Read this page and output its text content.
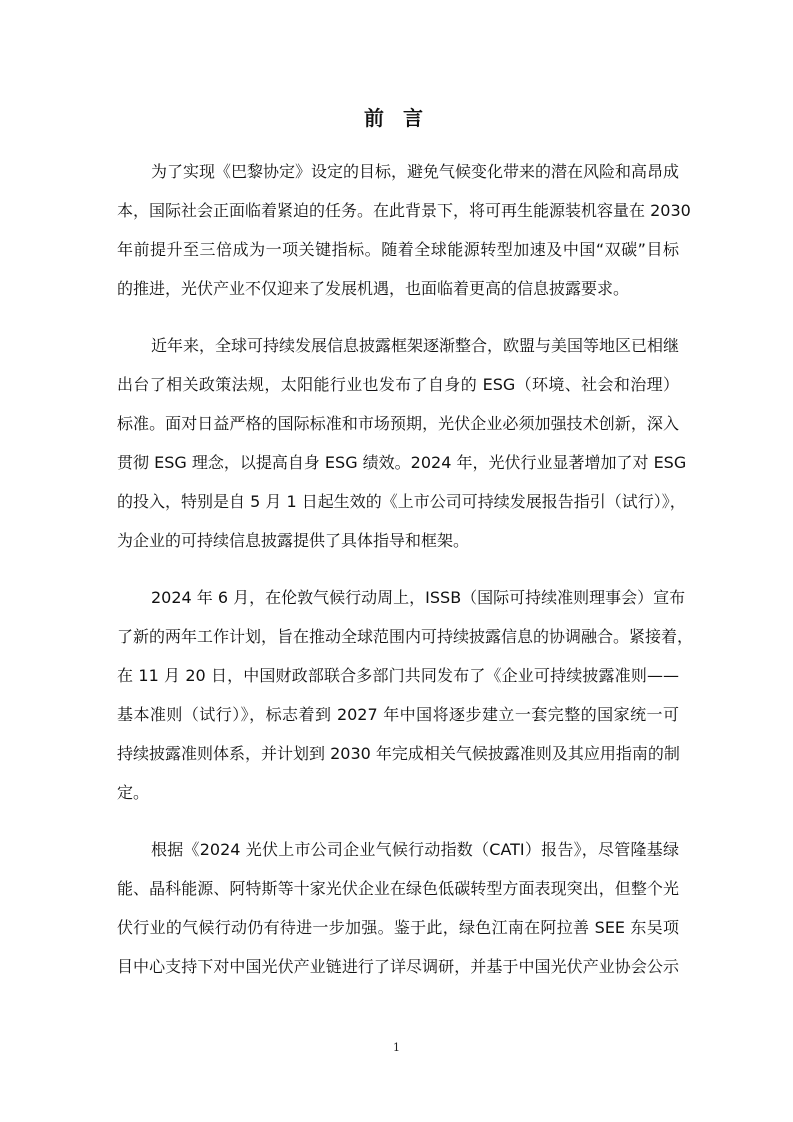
前 言

为了实现《巴黎协定》设定的目标，避免气候变化带来的潜在风险和高昂成
本，国际社会正面临着紧迫的任务。在此背景下，将可再生能源装机容量在 2030
年前提升至三倍成为一项关键指标。随着全球能源转型加速及中国“双碳”目标
的推进，光伏产业不仅迎来了发展机遇，也面临着更高的信息披露要求。

近年来，全球可持续发展信息披露框架逐渐整合，欧盟与美国等地区已相继
出台了相关政策法规，太阳能行业也发布了自身的 ESG（环境、社会和治理）
标准。面对日益严格的国际标准和市场预期，光伏企业必须加强技术创新，深入
贯彻 ESG 理念，以提高自身 ESG 绩效。2024 年，光伏行业显著增加了对 ESG
的投入，特别是自 5 月 1 日起生效的《上市公司可持续发展报告指引（试行）》，
为企业的可持续信息披露提供了具体指导和框架。

2024 年 6 月，在伦敦气候行动周上，ISSB（国际可持续准则理事会）宣布
了新的两年工作计划，旨在推动全球范围内可持续披露信息的协调融合。紧接着，
在 11 月 20 日，中国财政部联合多部门共同发布了《企业可持续披露准则——
基本准则（试行）》，标志着到 2027 年中国将逐步建立一套完整的国家统一可
持续披露准则体系，并计划到 2030 年完成相关气候披露准则及其应用指南的制
定。

根据《2024 光伏上市公司企业气候行动指数（CATI）报告》，尽管隆基绿
能、晶科能源、阿特斯等十家光伏企业在绿色低碳转型方面表现突出，但整个光
伏行业的气候行动仍有待进一步加强。鉴于此，绿色江南在阿拉善 SEE 东吴项
目中心支持下对中国光伏产业链进行了详尽调研，并基于中国光伏产业协会公示

1
